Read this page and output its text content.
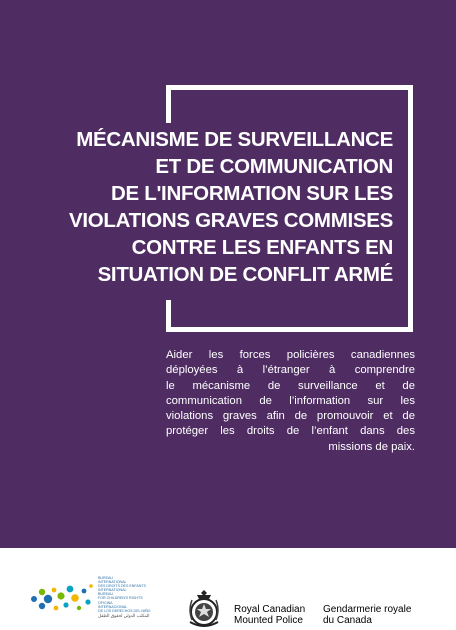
MÉCANISME DE SURVEILLANCE
ET DE COMMUNICATION
DE L'INFORMATION SUR LES
VIOLATIONS GRAVES COMMISES
CONTRE LES ENFANTS EN
SITUATION DE CONFLIT ARMÉ

Aider les forces policières canadiennes
déployées à l’étranger à comprendre
le mécanisme de surveillance et de
communication de l’information sur les
violations graves afin de promouvoir et de
protéger les droits de l’enfant dans des
missions de paix.

BUREAU
INTERNATIONAL
DES DROITS DES ENFANTS
INTERNATIONAL
BUREAU
FOR CHILDREN'S RIGHTS
OFICINA
INTERNACIONAL
DE LOS DERECHOS DEL NIÑO
المكتب الدولي لحقوق الطفل
Royal Canadian
Mounted Police
Gendarmerie royale
du Canada
